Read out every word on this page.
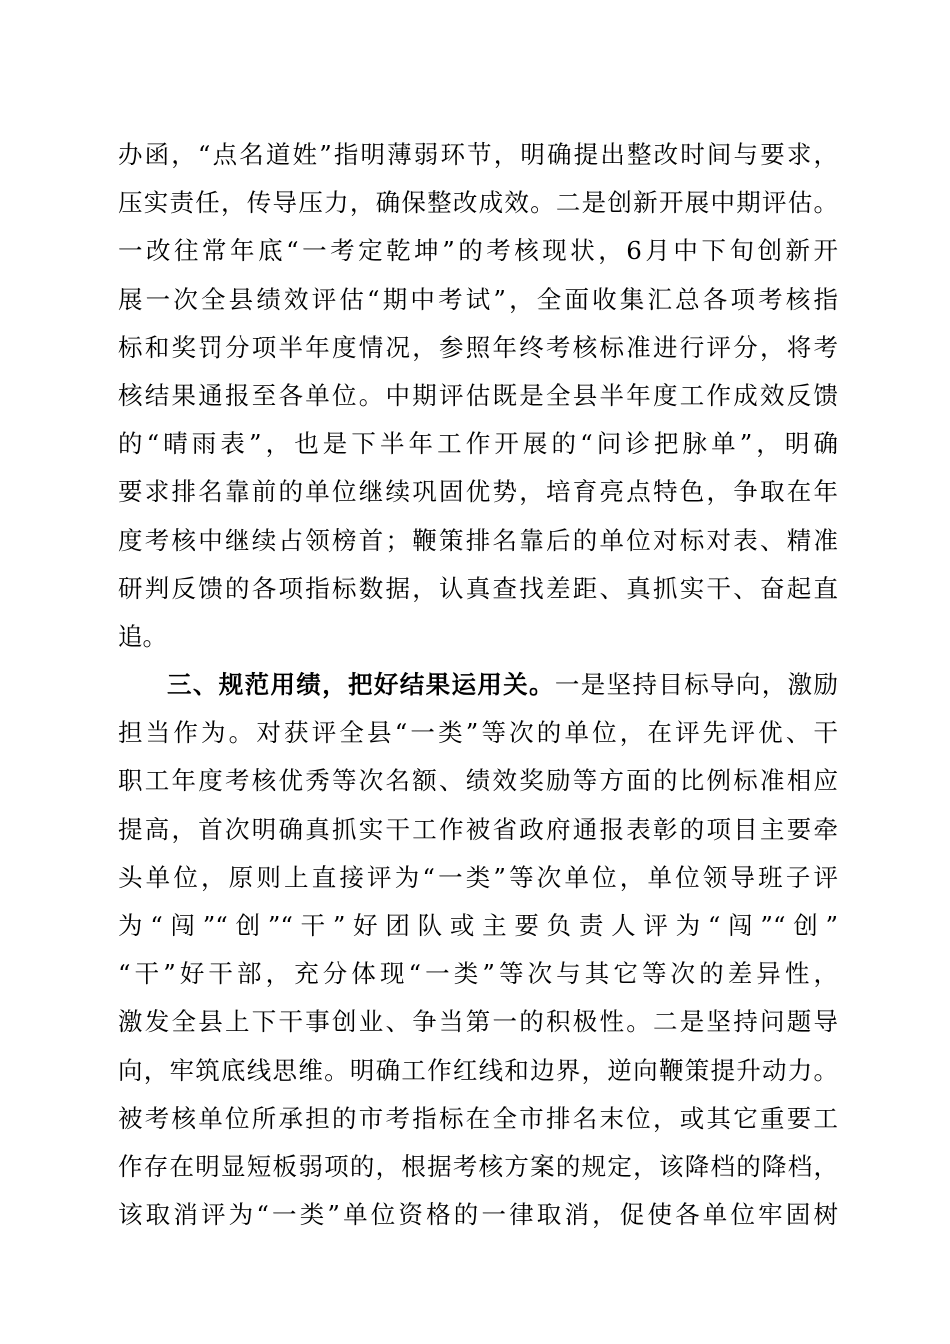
办函，“点名道姓”指明薄弱环节，明确提出整改时间与要求，
压实责任，传导压力，确保整改成效。二是创新开展中期评估。
一改往常年底“一考定乾坤”的考核现状，6月中下旬创新开
展一次全县绩效评估“期中考试”，全面收集汇总各项考核指
标和奖罚分项半年度情况，参照年终考核标准进行评分，将考
核结果通报至各单位。中期评估既是全县半年度工作成效反馈
的“晴雨表”，也是下半年工作开展的“问诊把脉单”，明确
要求排名靠前的单位继续巩固优势，培育亮点特色，争取在年
度考核中继续占领榜首；鞭策排名靠后的单位对标对表、精准
研判反馈的各项指标数据，认真查找差距、真抓实干、奋起直
追。
三、规范用绩，把好结果运用关。一是坚持目标导向，激励
担当作为。对获评全县“一类”等次的单位，在评先评优、干
职工年度考核优秀等次名额、绩效奖励等方面的比例标准相应
提高，首次明确真抓实干工作被省政府通报表彰的项目主要牵
头单位，原则上直接评为“一类”等次单位，单位领导班子评
为“闯”“创”“干”好团队或主要负责人评为“闯”“创”
“干”好干部，充分体现“一类”等次与其它等次的差异性，
激发全县上下干事创业、争当第一的积极性。二是坚持问题导
向，牢筑底线思维。明确工作红线和边界，逆向鞭策提升动力。
被考核单位所承担的市考指标在全市排名末位，或其它重要工
作存在明显短板弱项的，根据考核方案的规定，该降档的降档，
该取消评为“一类”单位资格的一律取消，促使各单位牢固树
